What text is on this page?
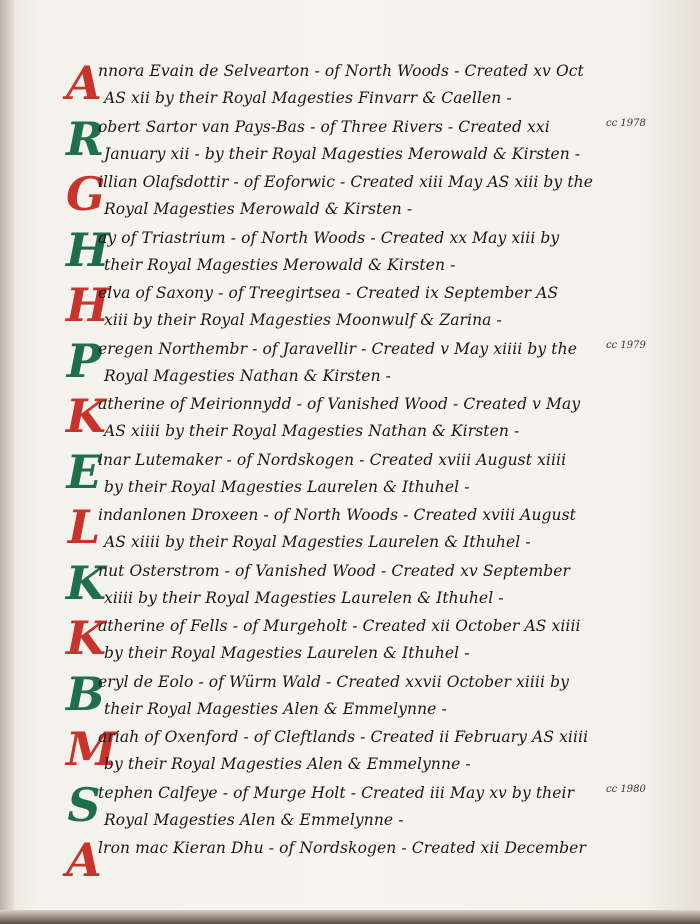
A
nnora Evain de Selvearton - of North Woods - Created xv Oct
AS xii by their Royal Magesties Finvarr & Caellen -
R
obert Sartor van Pays-Bas - of Three Rivers - Created xxi
January xii - by their Royal Magesties Merowald & Kirsten -
G
illian Olafsdottir - of Eoforwic - Created xiii May AS xiii by the
Royal Magesties Merowald & Kirsten -
H
ay of Triastrium - of North Woods - Created xx May xiii by
their Royal Magesties Merowald & Kirsten -
H
elva of Saxony - of Treegirtsea - Created ix September AS
xiii by their Royal Magesties Moonwulf & Zarina -
P
eregen Northembr - of Jaravellir - Created v May xiiii by the
Royal Magesties Nathan & Kirsten -
K
atherine of Meirionnydd - of Vanished Wood - Created v May
AS xiiii by their Royal Magesties Nathan & Kirsten -
E
inar Lutemaker - of Nordskogen - Created xviii August xiiii
by their Royal Magesties Laurelen & Ithuhel -
L
indanlonen Droxeen - of North Woods - Created xviii August
AS xiiii by their Royal Magesties Laurelen & Ithuhel -
K
nut Osterstrom - of Vanished Wood - Created xv September
xiiii by their Royal Magesties Laurelen & Ithuhel -
K
atherine of Fells - of Murgeholt - Created xii October AS xiiii
by their Royal Magesties Laurelen & Ithuhel -
B
eryl de Eolo - of Würm Wald - Created xxvii October xiiii by
their Royal Magesties Alen & Emmelynne -
M
ariah of Oxenford - of Cleftlands - Created ii February AS xiiii
by their Royal Magesties Alen & Emmelynne -
S
tephen Calfeye - of Murge Holt - Created iii May xv by their
Royal Magesties Alen & Emmelynne -
A
lron mac Kieran Dhu - of Nordskogen - Created xii December
cc 1978
cc 1979
cc 1980
